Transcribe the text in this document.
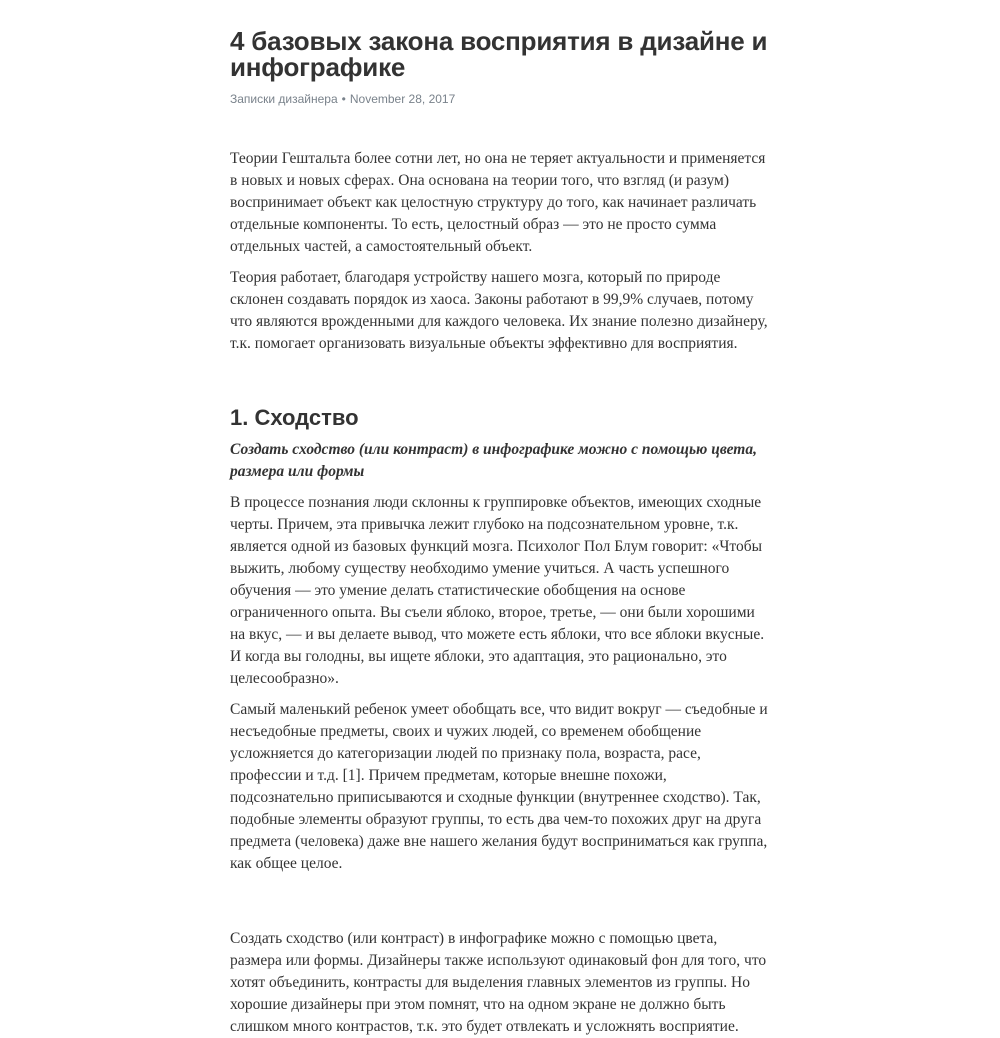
4 базовых закона восприятия в дизайне и инфографике
Записки дизайнера • November 28, 2017

Теории Гештальта более сотни лет, но она не теряет актуальности и применяется в новых и новых сферах. Она основана на теории того, что взгляд (и разум) воспринимает объект как целостную структуру до того, как начинает различать отдельные компоненты. То есть, целостный образ — это не просто сумма отдельных частей, а самостоятельный объект.

Теория работает, благодаря устройству нашего мозга, который по природе склонен создавать порядок из хаоса. Законы работают в 99,9% случаев, потому что являются врожденными для каждого человека. Их знание полезно дизайнеру, т.к. помогает организовать визуальные объекты эффективно для восприятия.

1. Сходство

Создать сходство (или контраст) в инфографике можно с помощью цвета, размера или формы

В процессе познания люди склонны к группировке объектов, имеющих сходные черты. Причем, эта привычка лежит глубоко на подсознательном уровне, т.к. является одной из базовых функций мозга. Психолог Пол Блум говорит: «Чтобы выжить, любому существу необходимо умение учиться. А часть успешного обучения — это умение делать статистические обобщения на основе ограниченного опыта. Вы съели яблоко, второе, третье, — они были хорошими на вкус, — и вы делаете вывод, что можете есть яблоки, что все яблоки вкусные. И когда вы голодны, вы ищете яблоки, это адаптация, это рационально, это целесообразно».

Самый маленький ребенок умеет обобщать все, что видит вокруг — съедобные и несъедобные предметы, своих и чужих людей, со временем обобщение усложняется до категоризации людей по признаку пола, возраста, расе, профессии и т.д. [1]. Причем предметам, которые внешне похожи, подсознательно приписываются и сходные функции (внутреннее сходство). Так, подобные элементы образуют группы, то есть два чем-то похожих друг на друга предмета (человека) даже вне нашего желания будут восприниматься как группа, как общее целое.

Создать сходство (или контраст) в инфографике можно с помощью цвета, размера или формы. Дизайнеры также используют одинаковый фон для того, что хотят объединить, контрасты для выделения главных элементов из группы. Но хорошие дизайнеры при этом помнят, что на одном экране не должно быть слишком много контрастов, т.к. это будет отвлекать и усложнять восприятие.
